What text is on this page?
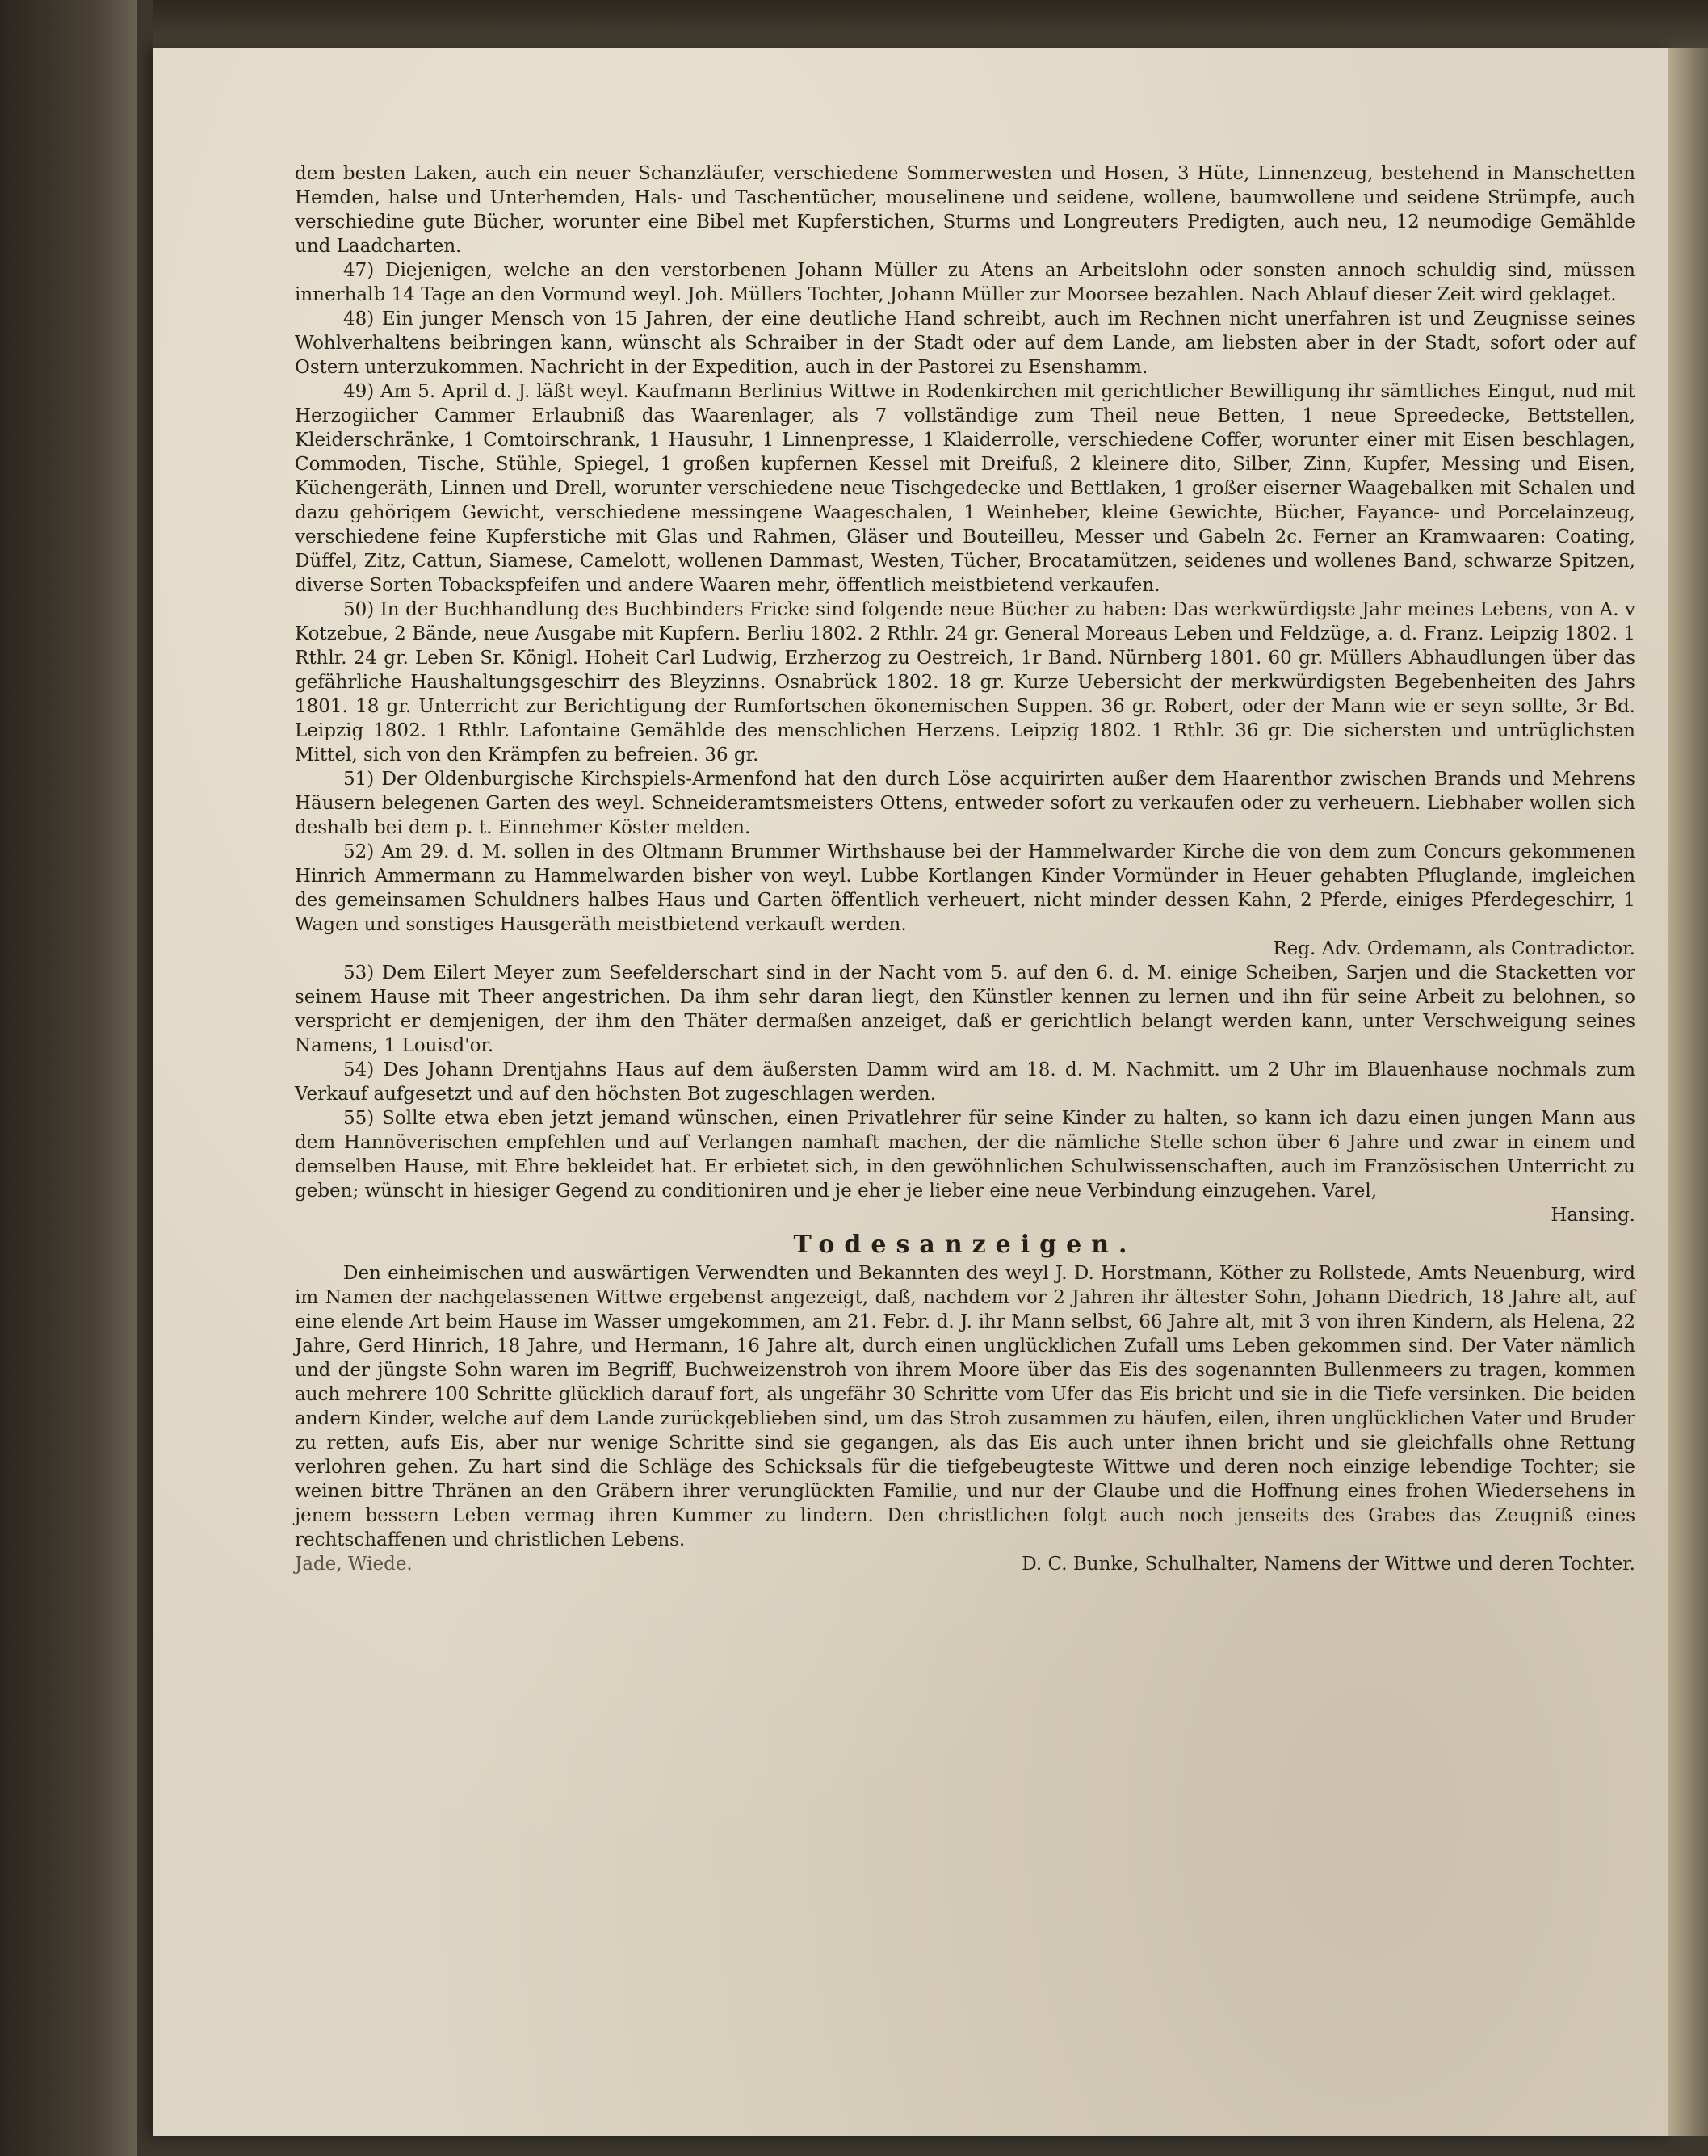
dem besten Laken, auch ein neuer Schanzläufer, verschiedene Sommerwesten und Hosen, 3 Hüte, Linnenzeug, bestehend in Manschetten Hemden, halse und Unterhemden, Hals- und Taschentücher, mouselinene und seidene, wollene, baumwollene und seidene Strümpfe, auch verschiedine gute Bücher, worunter eine Bibel met Kupferstichen, Sturms und Longreuters Predigten, auch neu, 12 neumodige Gemählde und Laadcharten.

47) Diejenigen, welche an den verstorbenen Johann Müller zu Atens an Arbeitslohn oder sonsten annoch schuldig sind, müssen innerhalb 14 Tage an den Vormund weyl. Joh. Müllers Tochter, Johann Müller zur Moorsee bezahlen. Nach Ablauf dieser Zeit wird geklaget.

48) Ein junger Mensch von 15 Jahren, der eine deutliche Hand schreibt, auch im Rechnen nicht unerfahren ist und Zeugnisse seines Wohlverhaltens beibringen kann, wünscht als Schraiber in der Stadt oder auf dem Lande, am liebsten aber in der Stadt, sofort oder auf Ostern unterzukommen. Nachricht in der Expedition, auch in der Pastorei zu Esenshamm.

49) Am 5. April d. J. läßt weyl. Kaufmann Berlinius Wittwe in Rodenkirchen mit gerichtlicher Bewilligung ihr sämtliches Eingut, nud mit Herzogiicher Cammer Erlaubniß das Waarenlager, als 7 vollständige zum Theil neue Betten, 1 neue Spreedecke, Bettstellen, Kleiderschränke, 1 Comtoirschrank, 1 Hausuhr, 1 Linnenpresse, 1 Klaiderrolle, verschiedene Coffer, worunter einer mit Eisen beschlagen, Commoden, Tische, Stühle, Spiegel, 1 großen kupfernen Kessel mit Dreifuß, 2 kleinere dito, Silber, Zinn, Kupfer, Messing und Eisen, Küchengeräth, Linnen und Drell, worunter verschiedene neue Tischgedecke und Bettlaken, 1 großer eiserner Waagebalken mit Schalen und dazu gehörigem Gewicht, verschiedene messingene Waageschalen, 1 Weinheber, kleine Gewichte, Bücher, Fayance- und Porcelainzeug, verschiedene feine Kupferstiche mit Glas und Rahmen, Gläser und Bouteilleu, Messer und Gabeln 2c. Ferner an Kramwaaren: Coating, Düffel, Zitz, Cattun, Siamese, Camelott, wollenen Dammast, Westen, Tücher, Brocatamützen, seidenes und wollenes Band, schwarze Spitzen, diverse Sorten Tobackspfeifen und andere Waaren mehr, öffentlich meistbietend verkaufen.

50) In der Buchhandlung des Buchbinders Fricke sind folgende neue Bücher zu haben: Das werkwürdigste Jahr meines Lebens, von A. v Kotzebue, 2 Bände, neue Ausgabe mit Kupfern. Berliu 1802. 2 Rthlr. 24 gr. General Moreaus Leben und Feldzüge, a. d. Franz. Leipzig 1802. 1 Rthlr. 24 gr. Leben Sr. Königl. Hoheit Carl Ludwig, Erzherzog zu Oestreich, 1r Band. Nürnberg 1801. 60 gr. Müllers Abhaudlungen über das gefährliche Haushaltungsgeschirr des Bleyzinns. Osnabrück 1802. 18 gr. Kurze Uebersicht der merkwürdigsten Begebenheiten des Jahrs 1801. 18 gr. Unterricht zur Berichtigung der Rumfortschen ökonemischen Suppen. 36 gr. Robert, oder der Mann wie er seyn sollte, 3r Bd. Leipzig 1802. 1 Rthlr. Lafontaine Gemählde des menschlichen Herzens. Leipzig 1802. 1 Rthlr. 36 gr. Die sichersten und untrüglichsten Mittel, sich von den Krämpfen zu befreien. 36 gr.

51) Der Oldenburgische Kirchspiels-Armenfond hat den durch Löse acquirirten außer dem Haarenthor zwischen Brands und Mehrens Häusern belegenen Garten des weyl. Schneideramtsmeisters Ottens, entweder sofort zu verkaufen oder zu verheuern. Liebhaber wollen sich deshalb bei dem p. t. Einnehmer Köster melden.

52) Am 29. d. M. sollen in des Oltmann Brummer Wirthshause bei der Hammelwarder Kirche die von dem zum Concurs gekommenen Hinrich Ammermann zu Hammelwarden bisher von weyl. Lubbe Kortlangen Kinder Vormünder in Heuer gehabten Pfluglande, imgleichen des gemeinsamen Schuldners halbes Haus und Garten öffentlich verheuert, nicht minder dessen Kahn, 2 Pferde, einiges Pferdegeschirr, 1 Wagen und sonstiges Hausgeräth meistbietend verkauft werden.

Reg. Adv. Ordemann, als Contradictor.

53) Dem Eilert Meyer zum Seefelderschart sind in der Nacht vom 5. auf den 6. d. M. einige Scheiben, Sarjen und die Stacketten vor seinem Hause mit Theer angestrichen. Da ihm sehr daran liegt, den Künstler kennen zu lernen und ihn für seine Arbeit zu belohnen, so verspricht er demjenigen, der ihm den Thäter dermaßen anzeiget, daß er gerichtlich belangt werden kann, unter Verschweigung seines Namens, 1 Louisd'or.

54) Des Johann Drentjahns Haus auf dem äußersten Damm wird am 18. d. M. Nachmitt. um 2 Uhr im Blauenhause nochmals zum Verkauf aufgesetzt und auf den höchsten Bot zugeschlagen werden.

55) Sollte etwa eben jetzt jemand wünschen, einen Privatlehrer für seine Kinder zu halten, so kann ich dazu einen jungen Mann aus dem Hannöverischen empfehlen und auf Verlangen namhaft machen, der die nämliche Stelle schon über 6 Jahre und zwar in einem und demselben Hause, mit Ehre bekleidet hat. Er erbietet sich, in den gewöhnlichen Schulwissenschaften, auch im Französischen Unterricht zu geben; wünscht in hiesiger Gegend zu conditioniren und je eher je lieber eine neue Verbindung einzugehen. Varel,

Hansing.

Todesanzeigen.

Den einheimischen und auswärtigen Verwendten und Bekannten des weyl J. D. Horstmann, Köther zu Rollstede, Amts Neuenburg, wird im Namen der nachgelassenen Wittwe ergebenst angezeigt, daß, nachdem vor 2 Jahren ihr ältester Sohn, Johann Diedrich, 18 Jahre alt, auf eine elende Art beim Hause im Wasser umgekommen, am 21. Febr. d. J. ihr Mann selbst, 66 Jahre alt, mit 3 von ihren Kindern, als Helena, 22 Jahre, Gerd Hinrich, 18 Jahre, und Hermann, 16 Jahre alt, durch einen unglücklichen Zufall ums Leben gekommen sind. Der Vater nämlich und der jüngste Sohn waren im Begriff, Buchweizenstroh von ihrem Moore über das Eis des sogenannten Bullenmeers zu tragen, kommen auch mehrere 100 Schritte glücklich darauf fort, als ungefähr 30 Schritte vom Ufer das Eis bricht und sie in die Tiefe versinken. Die beiden andern Kinder, welche auf dem Lande zurückgeblieben sind, um das Stroh zusammen zu häufen, eilen, ihren unglücklichen Vater und Bruder zu retten, aufs Eis, aber nur wenige Schritte sind sie gegangen, als das Eis auch unter ihnen bricht und sie gleichfalls ohne Rettung verlohren gehen. Zu hart sind die Schläge des Schicksals für die tiefgebeugteste Wittwe und deren noch einzige lebendige Tochter; sie weinen bittre Thränen an den Gräbern ihrer verunglückten Familie, und nur der Glaube und die Hoffnung eines frohen Wiedersehens in jenem bessern Leben vermag ihren Kummer zu lindern. Den christlichen folgt auch noch jenseits des Grabes das Zeugniß eines rechtschaffenen und christlichen Lebens.

Jade, Wiede.	D. C. Bunke, Schulhalter, Namens der Wittwe und deren Tochter.
